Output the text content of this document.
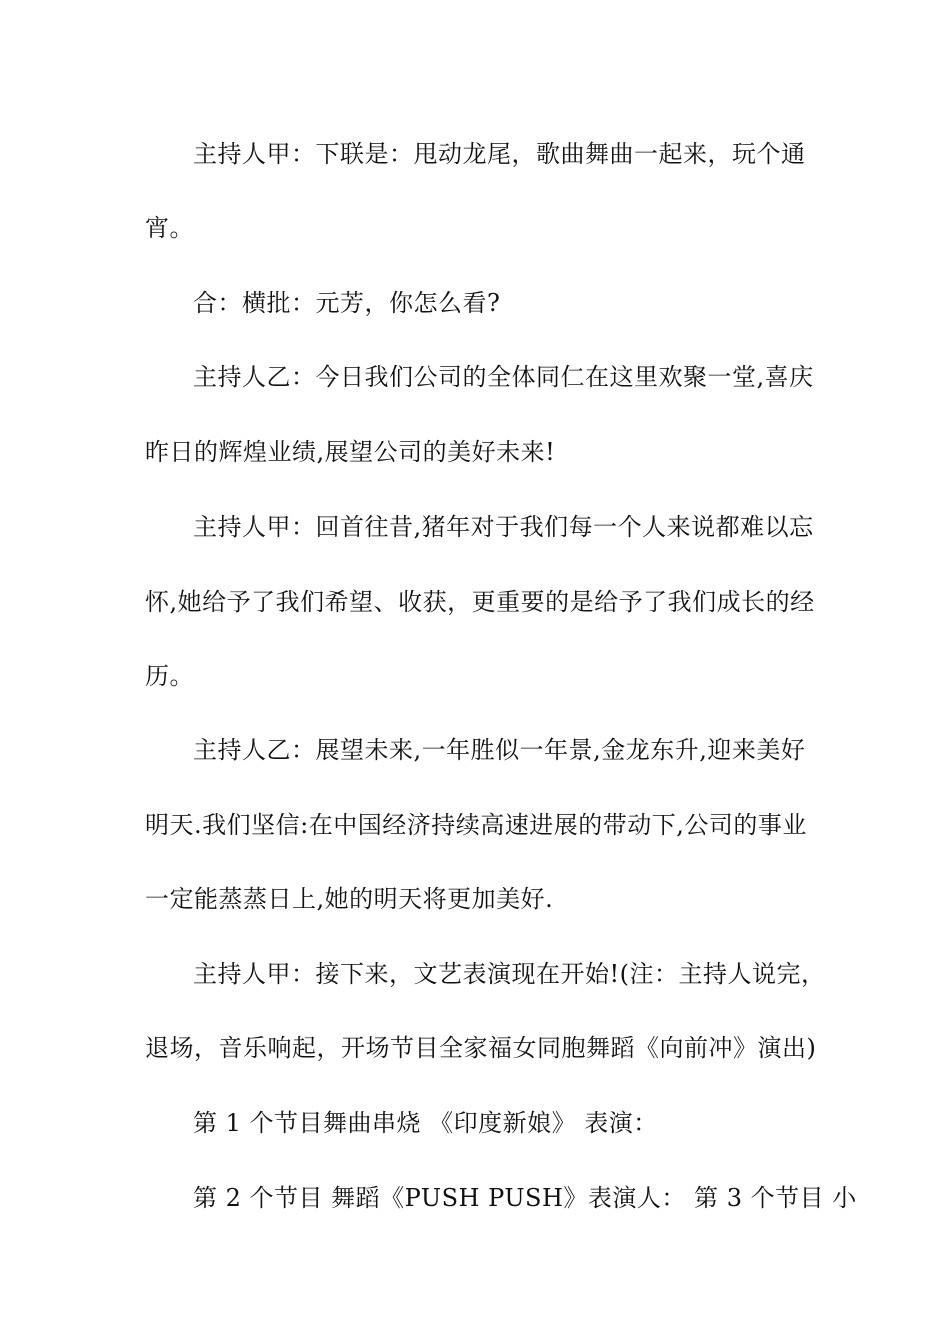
主持人甲：下联是：甩动龙尾，歌曲舞曲一起来，玩个通
宵。
合：横批：元芳，你怎么看?
主持人乙：今日我们公司的全体同仁在这里欢聚一堂,喜庆
昨日的辉煌业绩,展望公司的美好未来!
主持人甲：回首往昔,猪年对于我们每一个人来说都难以忘
怀,她给予了我们希望、收获，更重要的是给予了我们成长的经
历。
主持人乙：展望未来,一年胜似一年景,金龙东升,迎来美好
明天.我们坚信:在中国经济持续高速进展的带动下,公司的事业
一定能蒸蒸日上,她的明天将更加美好.
主持人甲：接下来，文艺表演现在开始!(注：主持人说完，
退场，音乐响起，开场节目全家福女同胞舞蹈《向前冲》演出)
第 1 个节目舞曲串烧 《印度新娘》 表演：
第 2 个节目 舞蹈《PUSH PUSH》表演人： 第 3 个节目 小
